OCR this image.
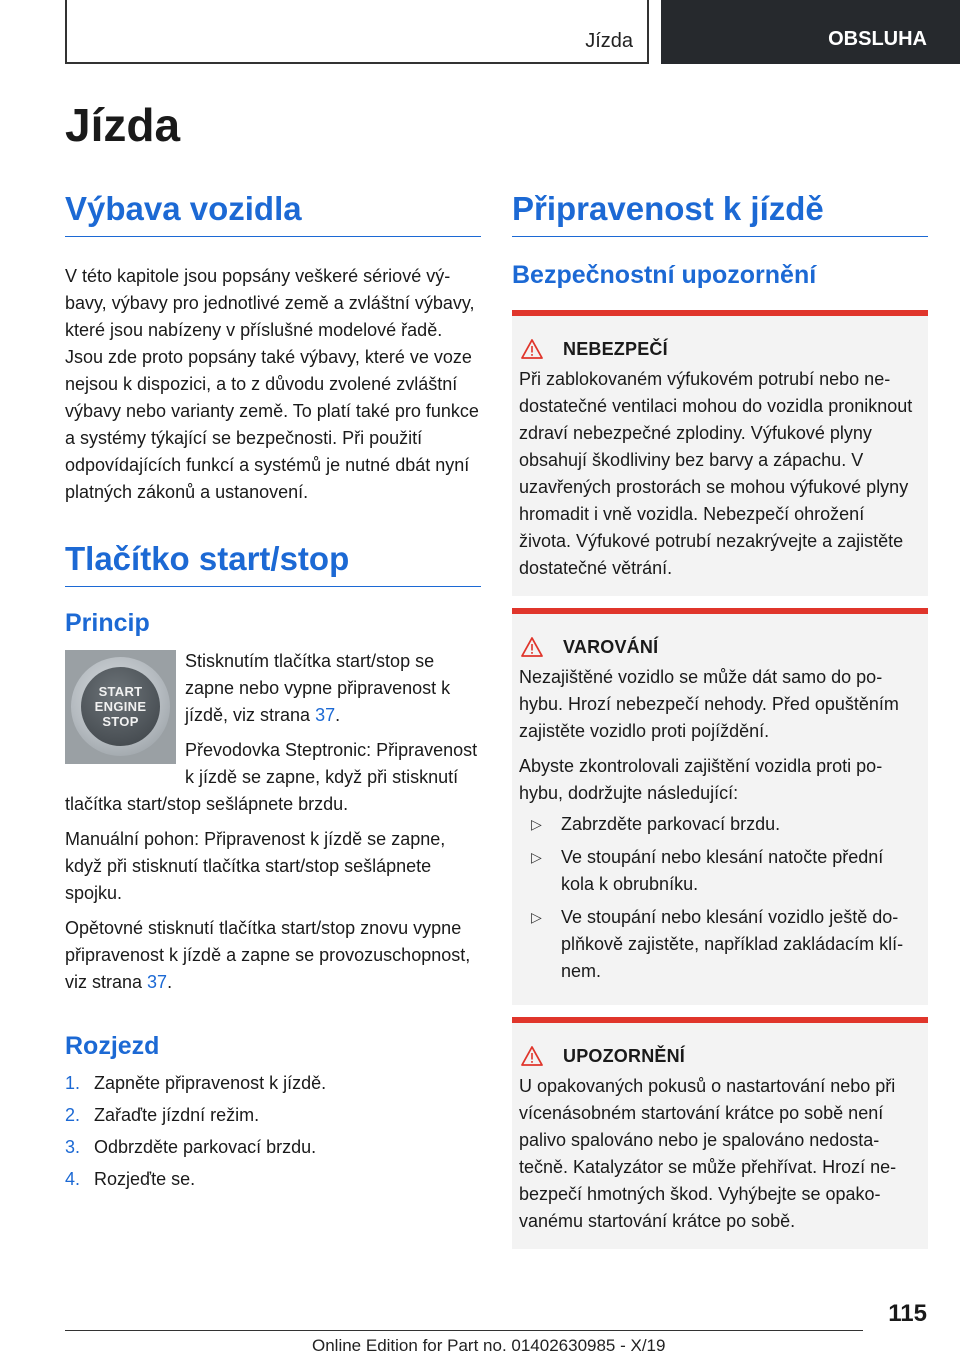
Jízda	OBSLUHA
Jízda
Výbava vozidla

V této kapitole jsou popsány veškeré sériové výbavy, výbavy pro jednotlivé země a zvláštní výbavy, které jsou nabízeny v příslušné modelové řadě. Jsou zde proto popsány také výbavy, které ve voze nejsou k dispozici, a to z důvodu zvolené zvláštní výbavy nebo varianty země. To platí také pro funkce a systémy týkající se bezpečnosti. Při použití odpovídajících funkcí a systémů je nutné dbát nyní platných zákonů a ustanovení.

Tlačítko start/stop
Princip
START
ENGINE
STOP

Stisknutím tlačítka start/stop se zapne nebo vypne připravenost k jízdě, viz strana 37.

Převodovka Steptronic: Připravenost k jízdě se zapne, když při stisknutí tlačítka start/stop sešlápnete brzdu.

Manuální pohon: Připravenost k jízdě se zapne, když při stisknutí tlačítka start/stop sešlápnete spojku.

Opětovné stisknutí tlačítka start/stop znovu vypne připravenost k jízdě a zapne se provozuschopnost, viz strana 37.

Rozjezd
1. Zapněte připravenost k jízdě.
2. Zařaďte jízdní režim.
3. Odbrzděte parkovací brzdu.
4. Rozjeďte se.
Připravenost k jízdě
Bezpečnostní upozornění
NEBEZPEČÍ

Při zablokovaném výfukovém potrubí nebo nedostatečné ventilaci mohou do vozidla proniknout zdraví nebezpečné zplodiny. Výfukové plyny obsahují škodliviny bez barvy a zápachu. V uzavřených prostorách se mohou výfukové plyny hromadit i vně vozidla. Nebezpečí ohrožení života. Výfukové potrubí nezakrývejte a zajistěte dostatečné větrání.

VAROVÁNÍ

Nezajištěné vozidlo se může dát samo do pohybu. Hrozí nebezpečí nehody. Před opuštěním zajistěte vozidlo proti pojíždění.

Abyste zkontrolovali zajištění vozidla proti pohybu, dodržujte následující:

▷	Zabrzděte parkovací brzdu.
▷	Ve stoupání nebo klesání natočte přední kola k obrubníku.
▷	Ve stoupání nebo klesání vozidlo ještě doplňkově zajistěte, například zakládacím klínem.
UPOZORNĚNÍ

U opakovaných pokusů o nastartování nebo při vícenásobném startování krátce po sobě není palivo spalováno nebo je spalováno nedostatečně. Katalyzátor se může přehřívat. Hrozí nebezpečí hmotných škod. Vyhýbejte se opakovanému startování krátce po sobě.

115
Online Edition for Part no. 01402630985 - X/19
